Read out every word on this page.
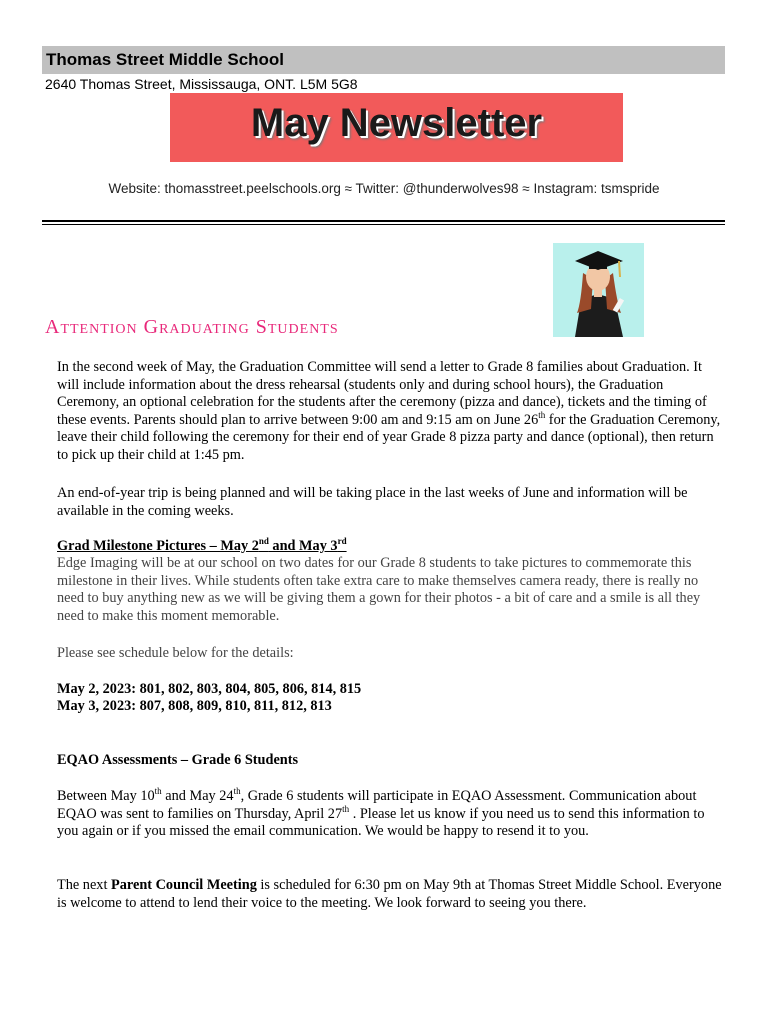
Thomas Street Middle School
2640 Thomas Street, Mississauga, ONT. L5M 5G8
May Newsletter
Website: thomasstreet.peelschools.org ≈ Twitter: @thunderwolves98 ≈ Instagram: tsmspride
Attention Graduating Students
In the second week of May, the Graduation Committee will send a letter to Grade 8 families about Graduation. It will include information about the dress rehearsal (students only and during school hours), the Graduation Ceremony, an optional celebration for the students after the ceremony (pizza and dance), tickets and the timing of these events. Parents should plan to arrive between 9:00 am and 9:15 am on June 26th for the Graduation Ceremony, leave their child following the ceremony for their end of year Grade 8 pizza party and dance (optional), then return to pick up their child at 1:45 pm.
An end-of-year trip is being planned and will be taking place in the last weeks of June and information will be available in the coming weeks.
Grad Milestone Pictures – May 2nd and May 3rd
Edge Imaging will be at our school on two dates for our Grade 8 students to take pictures to commemorate this milestone in their lives. While students often take extra care to make themselves camera ready, there is really no need to buy anything new as we will be giving them a gown for their photos - a bit of care and a smile is all they need to make this moment memorable.
Please see schedule below for the details:
May 2, 2023: 801, 802, 803, 804, 805, 806, 814, 815
May 3, 2023: 807, 808, 809, 810, 811, 812, 813
EQAO Assessments – Grade 6 Students
Between May 10th and May 24th, Grade 6 students will participate in EQAO Assessment. Communication about EQAO was sent to families on Thursday, April 27th . Please let us know if you need us to send this information to you again or if you missed the email communication. We would be happy to resend it to you.
The next Parent Council Meeting is scheduled for 6:30 pm on May 9th at Thomas Street Middle School. Everyone is welcome to attend to lend their voice to the meeting. We look forward to seeing you there.
